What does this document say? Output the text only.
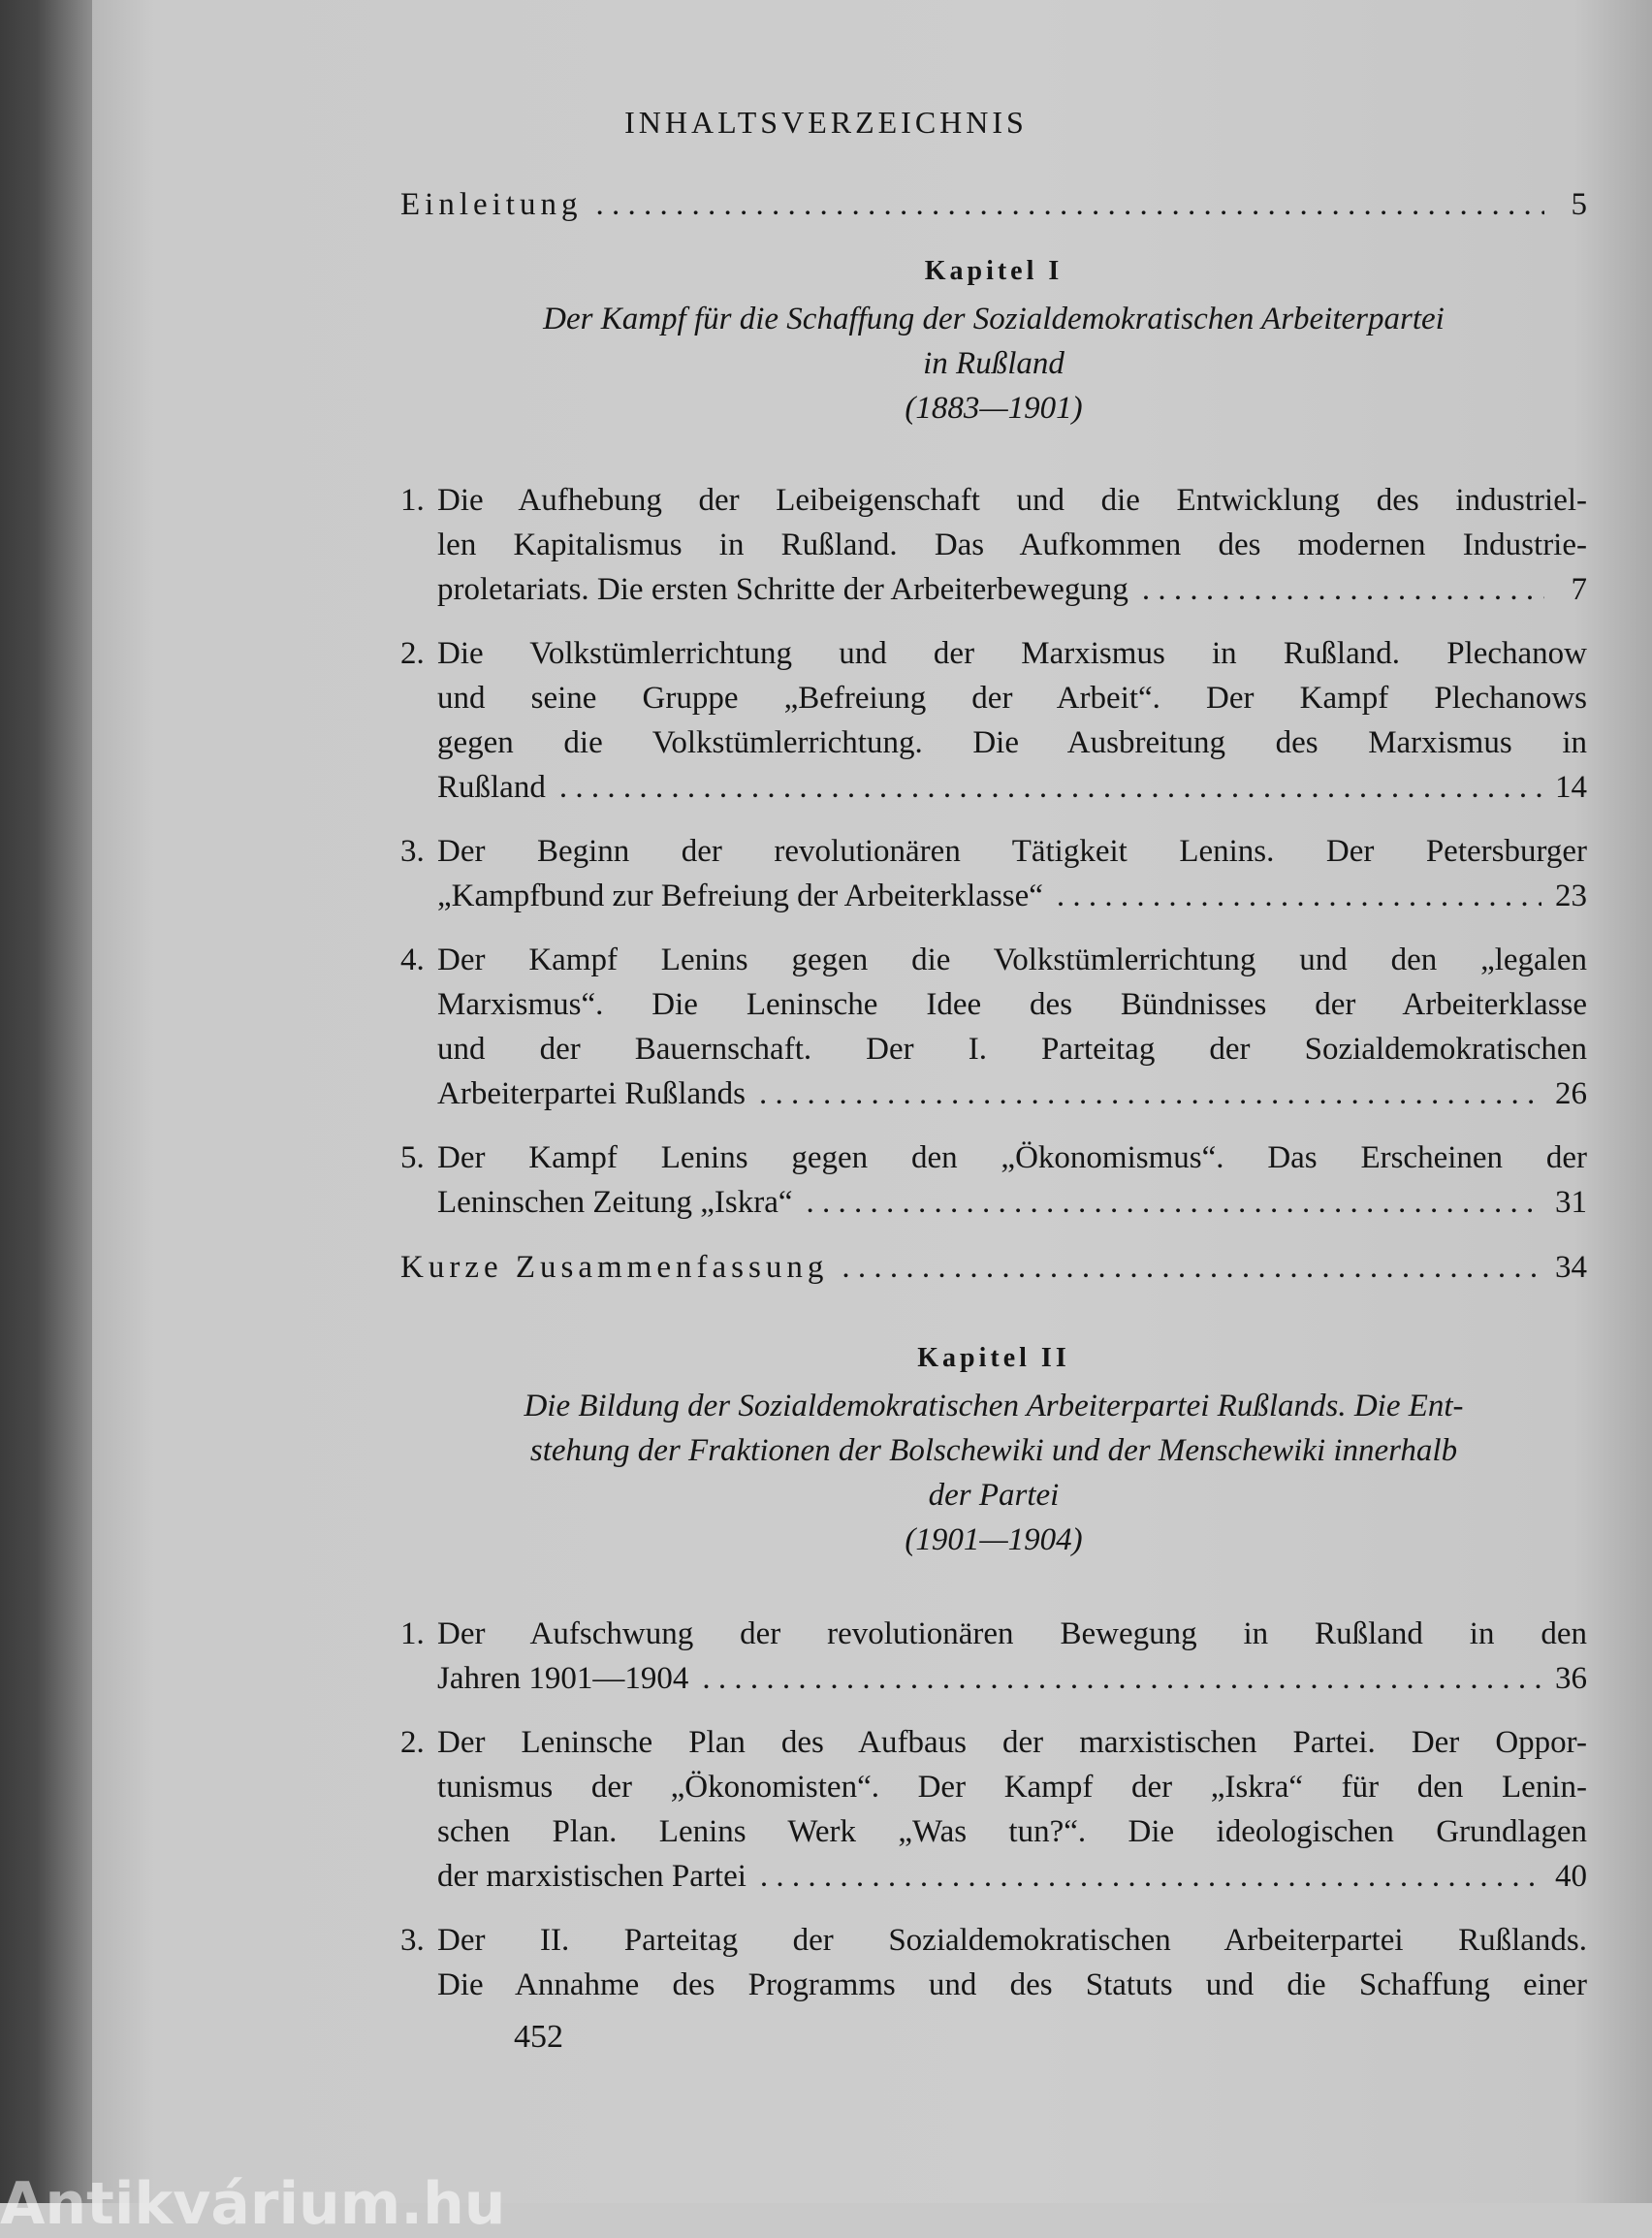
INHALTSVERZEICHNIS
Einleitung . . .	5
Kapitel I
Der Kampf für die Schaffung der Sozialdemokratischen Arbeiterpartei
in Rußland
(1883—1901)
1. Die Aufhebung der Leibeigenschaft und die Entwicklung des industriel-
len Kapitalismus in Rußland. Das Aufkommen des modernen Industrie-
proletariats. Die ersten Schritte der Arbeiterbewegung . . .	7
2. Die Volkstümlerrichtung und der Marxismus in Rußland. Plechanow
und seine Gruppe „Befreiung der Arbeit“. Der Kampf Plechanows
gegen die Volkstümlerrichtung. Die Ausbreitung des Marxismus in
Rußland . . .	14
3. Der Beginn der revolutionären Tätigkeit Lenins. Der Petersburger
„Kampfbund zur Befreiung der Arbeiterklasse“ . . .	23
4. Der Kampf Lenins gegen die Volkstümlerrichtung und den „legalen
Marxismus“. Die Leninsche Idee des Bündnisses der Arbeiterklasse
und der Bauernschaft. Der I. Parteitag der Sozialdemokratischen
Arbeiterpartei Rußlands . . .	26
5. Der Kampf Lenins gegen den „Ökonomismus“. Das Erscheinen der
Leninschen Zeitung „Iskra“ . . .	31
Kurze Zusammenfassung . . .	34
Kapitel II
Die Bildung der Sozialdemokratischen Arbeiterpartei Rußlands. Die Ent-
stehung der Fraktionen der Bolschewiki und der Menschewiki innerhalb
der Partei
(1901—1904)
1. Der Aufschwung der revolutionären Bewegung in Rußland in den
Jahren 1901—1904 . . .	36
2. Der Leninsche Plan des Aufbaus der marxistischen Partei. Der Oppor-
tunismus der „Ökonomisten“. Der Kampf der „Iskra“ für den Lenin-
schen Plan. Lenins Werk „Was tun?“. Die ideologischen Grundlagen
der marxistischen Partei . . .	40
3. Der II. Parteitag der Sozialdemokratischen Arbeiterpartei Rußlands.
Die Annahme des Programms und des Statuts und die Schaffung einer
452
Antikvárium.hu
